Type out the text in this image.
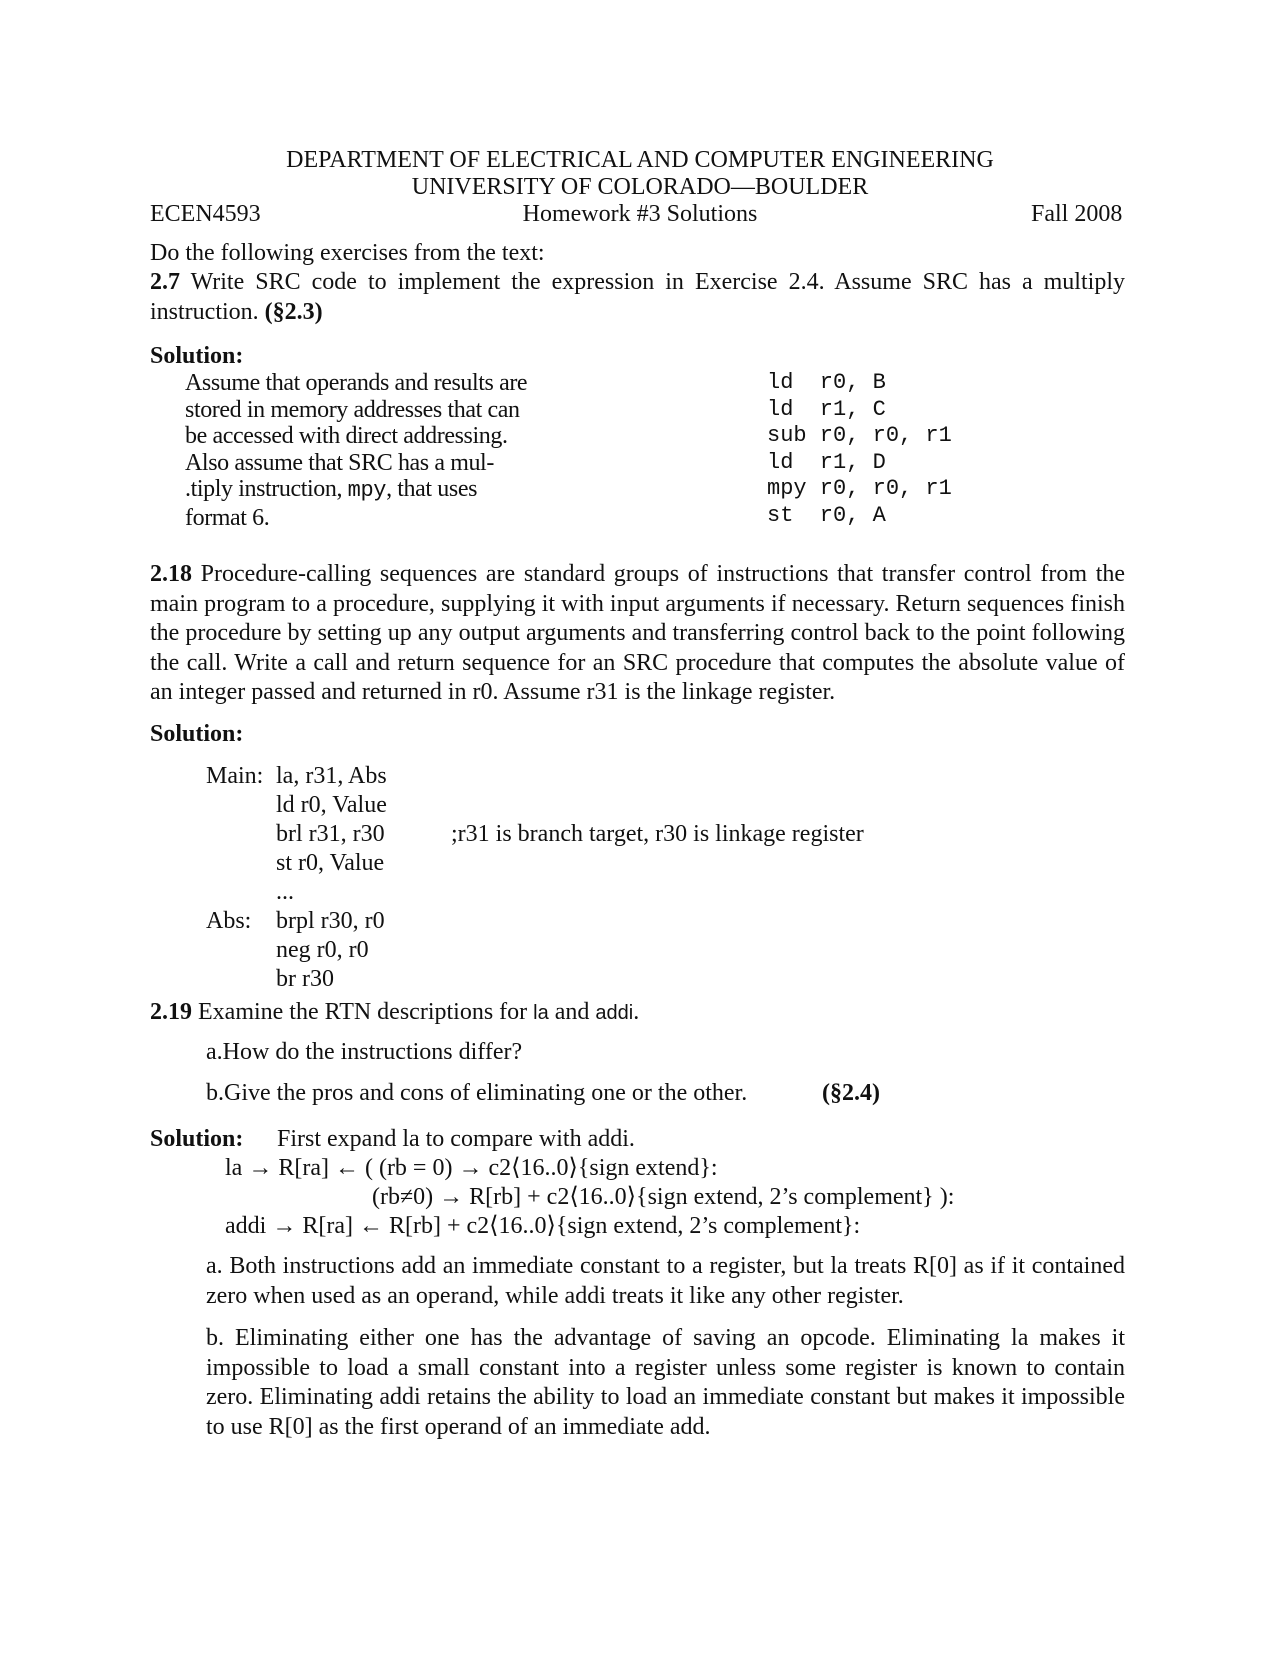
DEPARTMENT OF ELECTRICAL AND COMPUTER ENGINEERING
UNIVERSITY OF COLORADO—BOULDER
ECEN4593	Homework #3 Solutions	Fall 2008
Do the following exercises from the text:
2.7 Write SRC code to implement the expression in Exercise 2.4. Assume SRC has a multiply instruction. (§2.3)
Solution:
Assume that operands and results are
stored in memory addresses that can
be accessed with direct addressing.
Also assume that SRC has a mul-
.tiply instruction, mpy, that uses
format 6.
ld  r0, B
ld  r1, C
sub r0, r0, r1
ld  r1, D
mpy r0, r0, r1
st  r0, A
2.18 Procedure-calling sequences are standard groups of instructions that transfer control from the main program to a procedure, supplying it with input arguments if necessary. Return sequences finish the procedure by setting up any output arguments and transferring control back to the point following the call. Write a call and return sequence for an SRC procedure that computes the absolute value of an integer passed and returned in r0. Assume r31 is the linkage register.
Solution:
Main: la, r31, Abs
ld r0, Value
brl r31, r30	;r31 is branch target, r30 is linkage register
st r0, Value
...
Abs: brpl r30, r0
neg r0, r0
br r30
2.19 Examine the RTN descriptions for la and addi.
a.How do the instructions differ?
b.Give the pros and cons of eliminating one or the other.	(§2.4)
Solution: First expand la to compare with addi.
la → R[ra] ← ( (rb = 0) → c2⟨16..0⟩{sign extend}:
(rb≠0) → R[rb] + c2⟨16..0⟩{sign extend, 2’s complement} ):
addi → R[ra] ← R[rb] + c2⟨16..0⟩{sign extend, 2’s complement}:
a. Both instructions add an immediate constant to a register, but la treats R[0] as if it contained zero when used as an operand, while addi treats it like any other register.
b. Eliminating either one has the advantage of saving an opcode. Eliminating la makes it impossible to load a small constant into a register unless some register is known to contain zero. Eliminating addi retains the ability to load an immediate constant but makes it impossible to use R[0] as the first operand of an immediate add.
